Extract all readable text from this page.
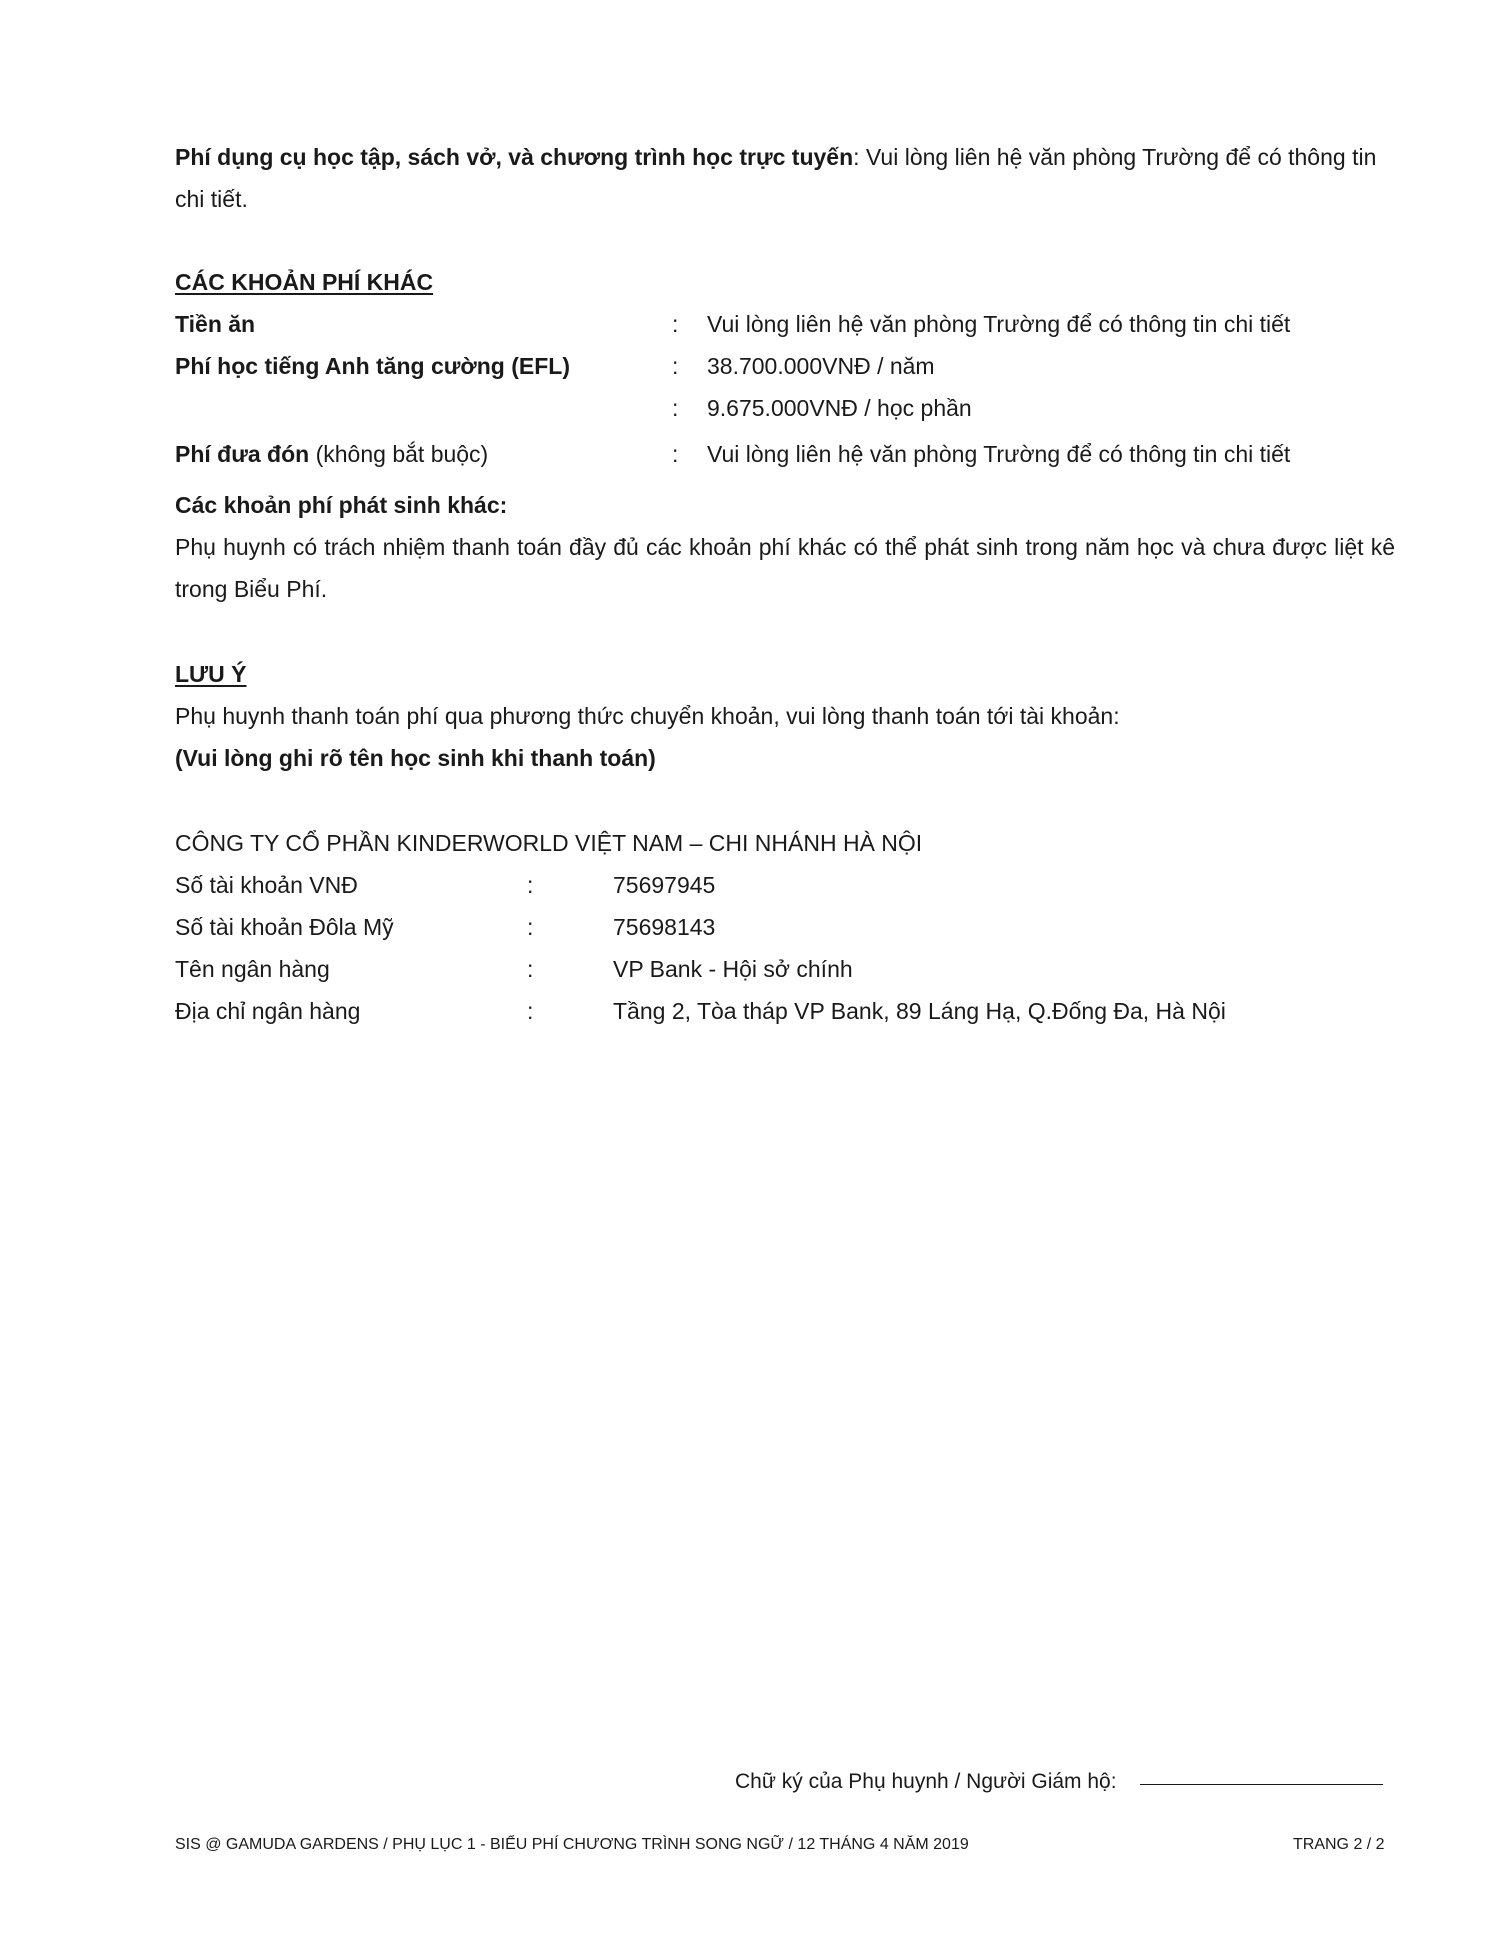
Phí dụng cụ học tập, sách vở, và chương trình học trực tuyến: Vui lòng liên hệ văn phòng Trường để có thông tin chi tiết.
CÁC KHOẢN PHÍ KHÁC
Tiền ăn	: Vui lòng liên hệ văn phòng Trường để có thông tin chi tiết
Phí học tiếng Anh tăng cường (EFL)	: 38.700.000VNĐ / năm
: 9.675.000VNĐ / học phần
Phí đưa đón (không bắt buộc)	: Vui lòng liên hệ văn phòng Trường để có thông tin chi tiết
Các khoản phí phát sinh khác:
Phụ huynh có trách nhiệm thanh toán đầy đủ các khoản phí khác có thể phát sinh trong năm học và chưa được liệt kê trong Biểu Phí.
LƯU Ý
Phụ huynh thanh toán phí qua phương thức chuyển khoản, vui lòng thanh toán tới tài khoản:
(Vui lòng ghi rõ tên học sinh khi thanh toán)
CÔNG TY CỔ PHẦN KINDERWORLD VIỆT NAM – CHI NHÁNH HÀ NỘI
Số tài khoản VNĐ	:	75697945
Số tài khoản Đôla Mỹ	:	75698143
Tên ngân hàng	:	VP Bank - Hội sở chính
Địa chỉ ngân hàng	:	Tầng 2, Tòa tháp VP Bank, 89 Láng Hạ, Q.Đống Đa, Hà Nội
Chữ ký của Phụ huynh / Người Giám hộ:
SIS @ GAMUDA GARDENS / PHỤ LỤC 1 - BIỂU PHÍ CHƯƠNG TRÌNH SONG NGỮ / 12 THÁNG 4 NĂM 2019	TRANG 2 / 2
